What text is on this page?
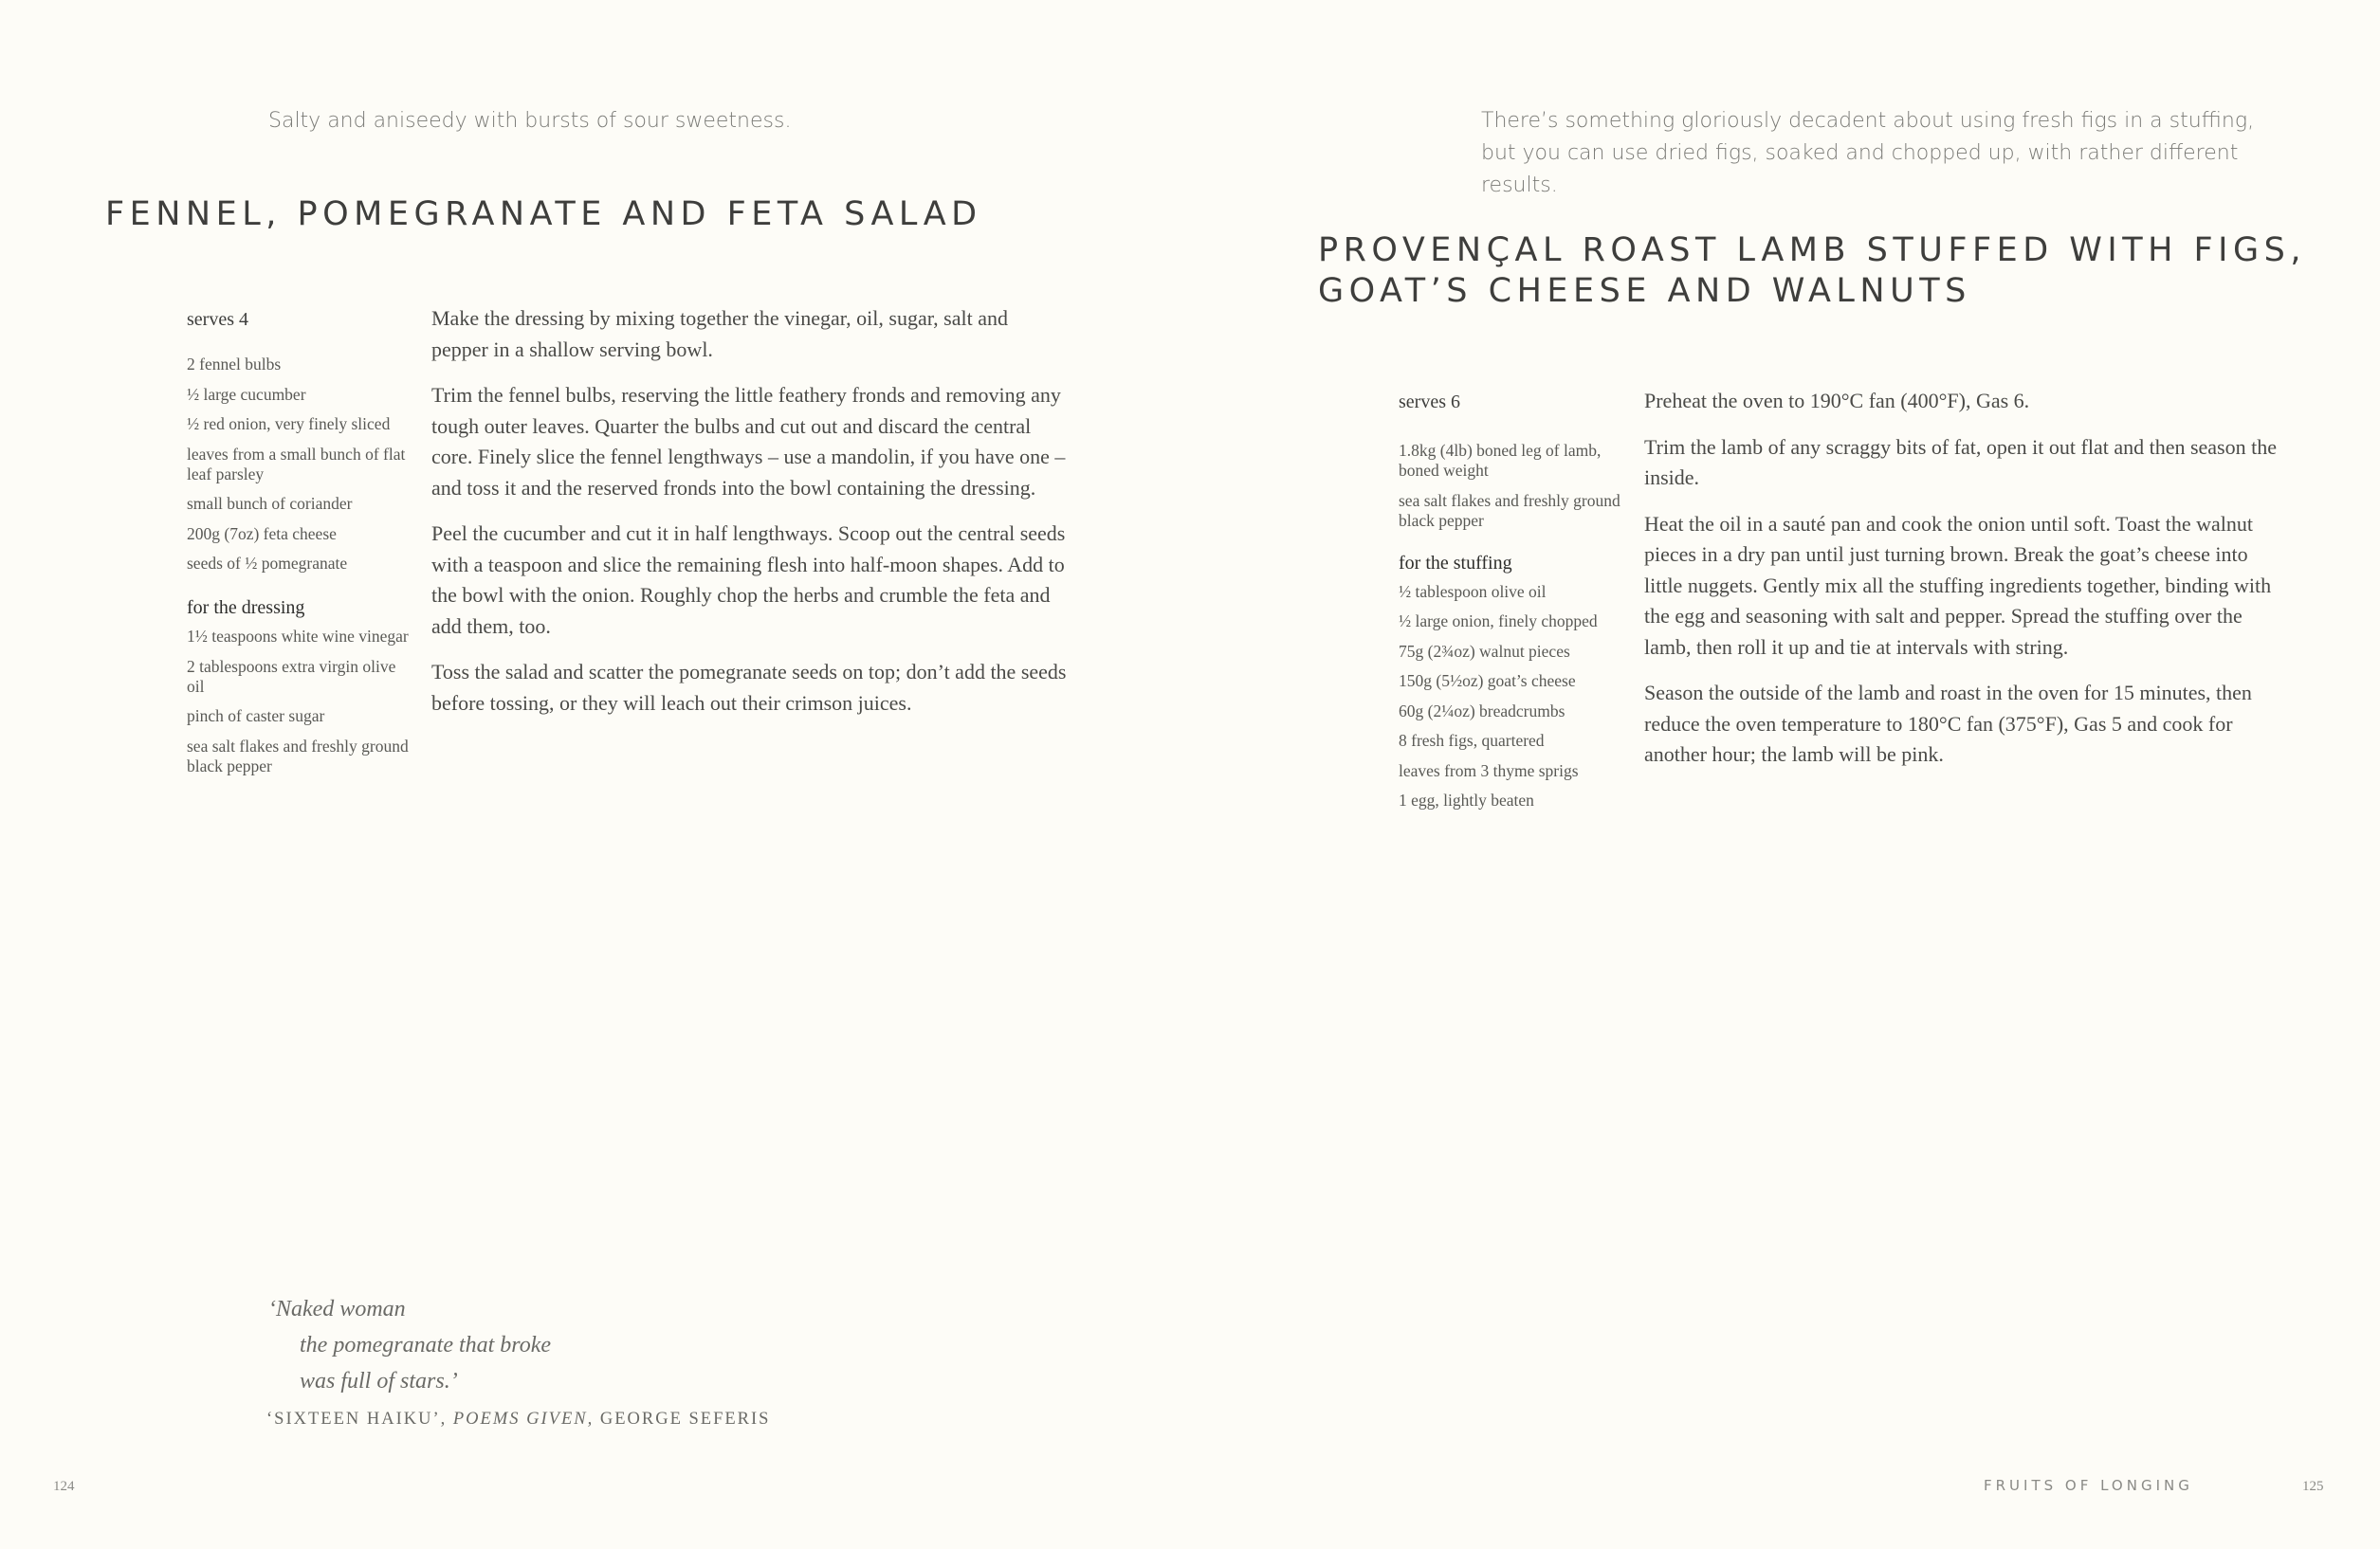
Salty and aniseedy with bursts of sour sweetness.
FENNEL, POMEGRANATE AND FETA SALAD
serves 4
2 fennel bulbs
½ large cucumber
½ red onion, very finely sliced
leaves from a small bunch of flat leaf parsley
small bunch of coriander
200g (7oz) feta cheese
seeds of ½ pomegranate
for the dressing
1½ teaspoons white wine vinegar
2 tablespoons extra virgin olive oil
pinch of caster sugar
sea salt flakes and freshly ground black pepper

Make the dressing by mixing together the vinegar, oil, sugar, salt and pepper in a shallow serving bowl.

Trim the fennel bulbs, reserving the little feathery fronds and removing any tough outer leaves. Quarter the bulbs and cut out and discard the central core. Finely slice the fennel lengthways – use a mandolin, if you have one – and toss it and the reserved fronds into the bowl containing the dressing.

Peel the cucumber and cut it in half lengthways. Scoop out the central seeds with a teaspoon and slice the remaining flesh into half-moon shapes. Add to the bowl with the onion. Roughly chop the herbs and crumble the feta and add them, too.

Toss the salad and scatter the pomegranate seeds on top; don’t add the seeds before tossing, or they will leach out their crimson juices.

‘Naked woman
the pomegranate that broke
was full of stars.’
‘SIXTEEN HAIKU’, POEMS GIVEN, GEORGE SEFERIS
124
There’s something gloriously decadent about using fresh figs in a stuffing, but you can use dried figs, soaked and chopped up, with rather different results.
PROVENÇAL ROAST LAMB STUFFED WITH FIGS,
GOAT’S CHEESE AND WALNUTS
serves 6
1.8kg (4lb) boned leg of lamb, boned weight
sea salt flakes and freshly ground black pepper
for the stuffing
½ tablespoon olive oil
½ large onion, finely chopped
75g (2¾oz) walnut pieces
150g (5½oz) goat’s cheese
60g (2¼oz) breadcrumbs
8 fresh figs, quartered
leaves from 3 thyme sprigs
1 egg, lightly beaten

Preheat the oven to 190°C fan (400°F), Gas 6.

Trim the lamb of any scraggy bits of fat, open it out flat and then season the inside.

Heat the oil in a sauté pan and cook the onion until soft. Toast the walnut pieces in a dry pan until just turning brown. Break the goat’s cheese into little nuggets. Gently mix all the stuffing ingredients together, binding with the egg and seasoning with salt and pepper. Spread the stuffing over the lamb, then roll it up and tie at intervals with string.

Season the outside of the lamb and roast in the oven for 15 minutes, then reduce the oven temperature to 180°C fan (375°F), Gas 5 and cook for another hour; the lamb will be pink.

FRUITS OF LONGING	125
